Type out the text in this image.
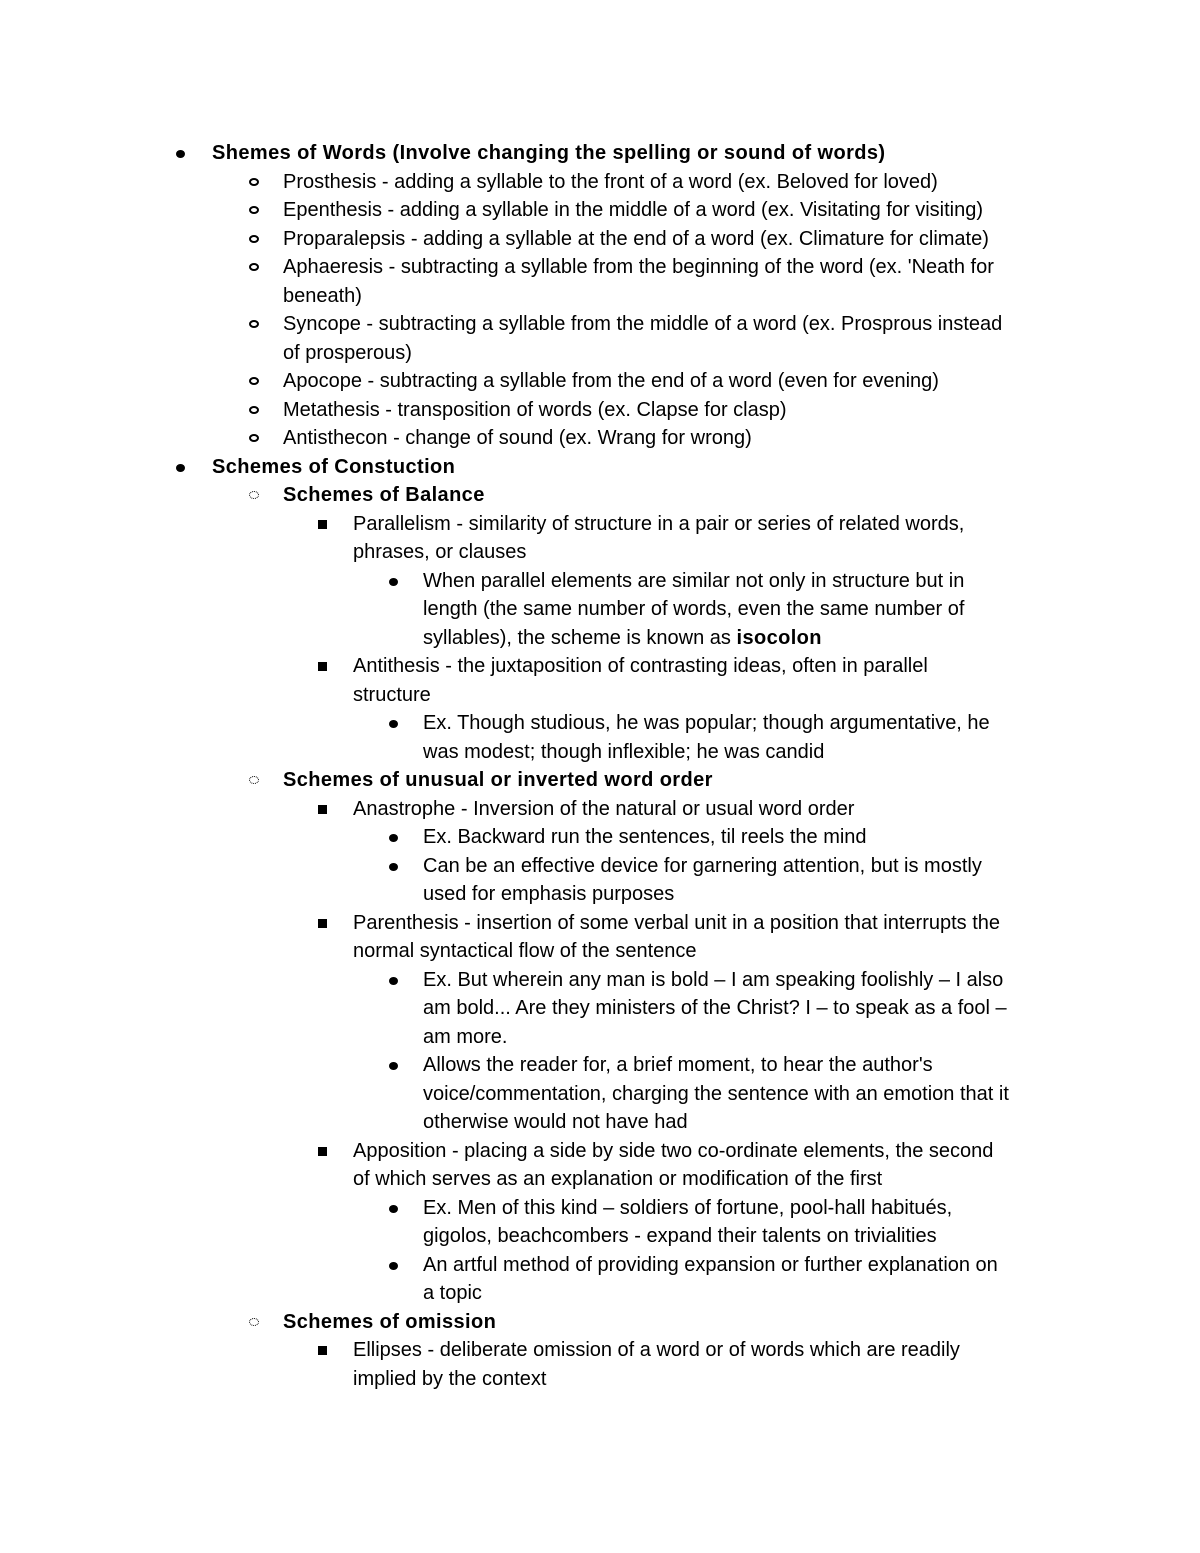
Shemes of Words (Involve changing the spelling or sound of words)
Prosthesis - adding a syllable to the front of a word (ex. Beloved for loved)
Epenthesis - adding a syllable in the middle of a word (ex. Visitating for visiting)
Proparalepsis - adding a syllable at the end of a word (ex. Climature for climate)
Aphaeresis - subtracting a syllable from the beginning of the word (ex. 'Neath for
beneath)
Syncope - subtracting a syllable from the middle of a word (ex. Prosprous instead
of prosperous)
Apocope - subtracting a syllable from the end of a word (even for evening)
Metathesis - transposition of words (ex. Clapse for clasp)
Antisthecon - change of sound (ex. Wrang for wrong)
Schemes of Constuction
Schemes of Balance
Parallelism - similarity of structure in a pair or series of related words,
phrases, or clauses
When parallel elements are similar not only in structure but in
length (the same number of words, even the same number of
syllables), the scheme is known as isocolon
Antithesis - the juxtaposition of contrasting ideas, often in parallel
structure
Ex. Though studious, he was popular; though argumentative, he
was modest; though inflexible; he was candid
Schemes of unusual or inverted word order
Anastrophe - Inversion of the natural or usual word order
Ex. Backward run the sentences, til reels the mind
Can be an effective device for garnering attention, but is mostly
used for emphasis purposes
Parenthesis - insertion of some verbal unit in a position that interrupts the
normal syntactical flow of the sentence
Ex. But wherein any man is bold – I am speaking foolishly – I also
am bold... Are they ministers of the Christ? I – to speak as a fool –
am more.
Allows the reader for, a brief moment, to hear the author's
voice/commentation, charging the sentence with an emotion that it
otherwise would not have had
Apposition - placing a side by side two co-ordinate elements, the second
of which serves as an explanation or modification of the first
Ex. Men of this kind – soldiers of fortune, pool-hall habitués,
gigolos, beachcombers - expand their talents on trivialities
An artful method of providing expansion or further explanation on
a topic
Schemes of omission
Ellipses - deliberate omission of a word or of words which are readily
implied by the context
